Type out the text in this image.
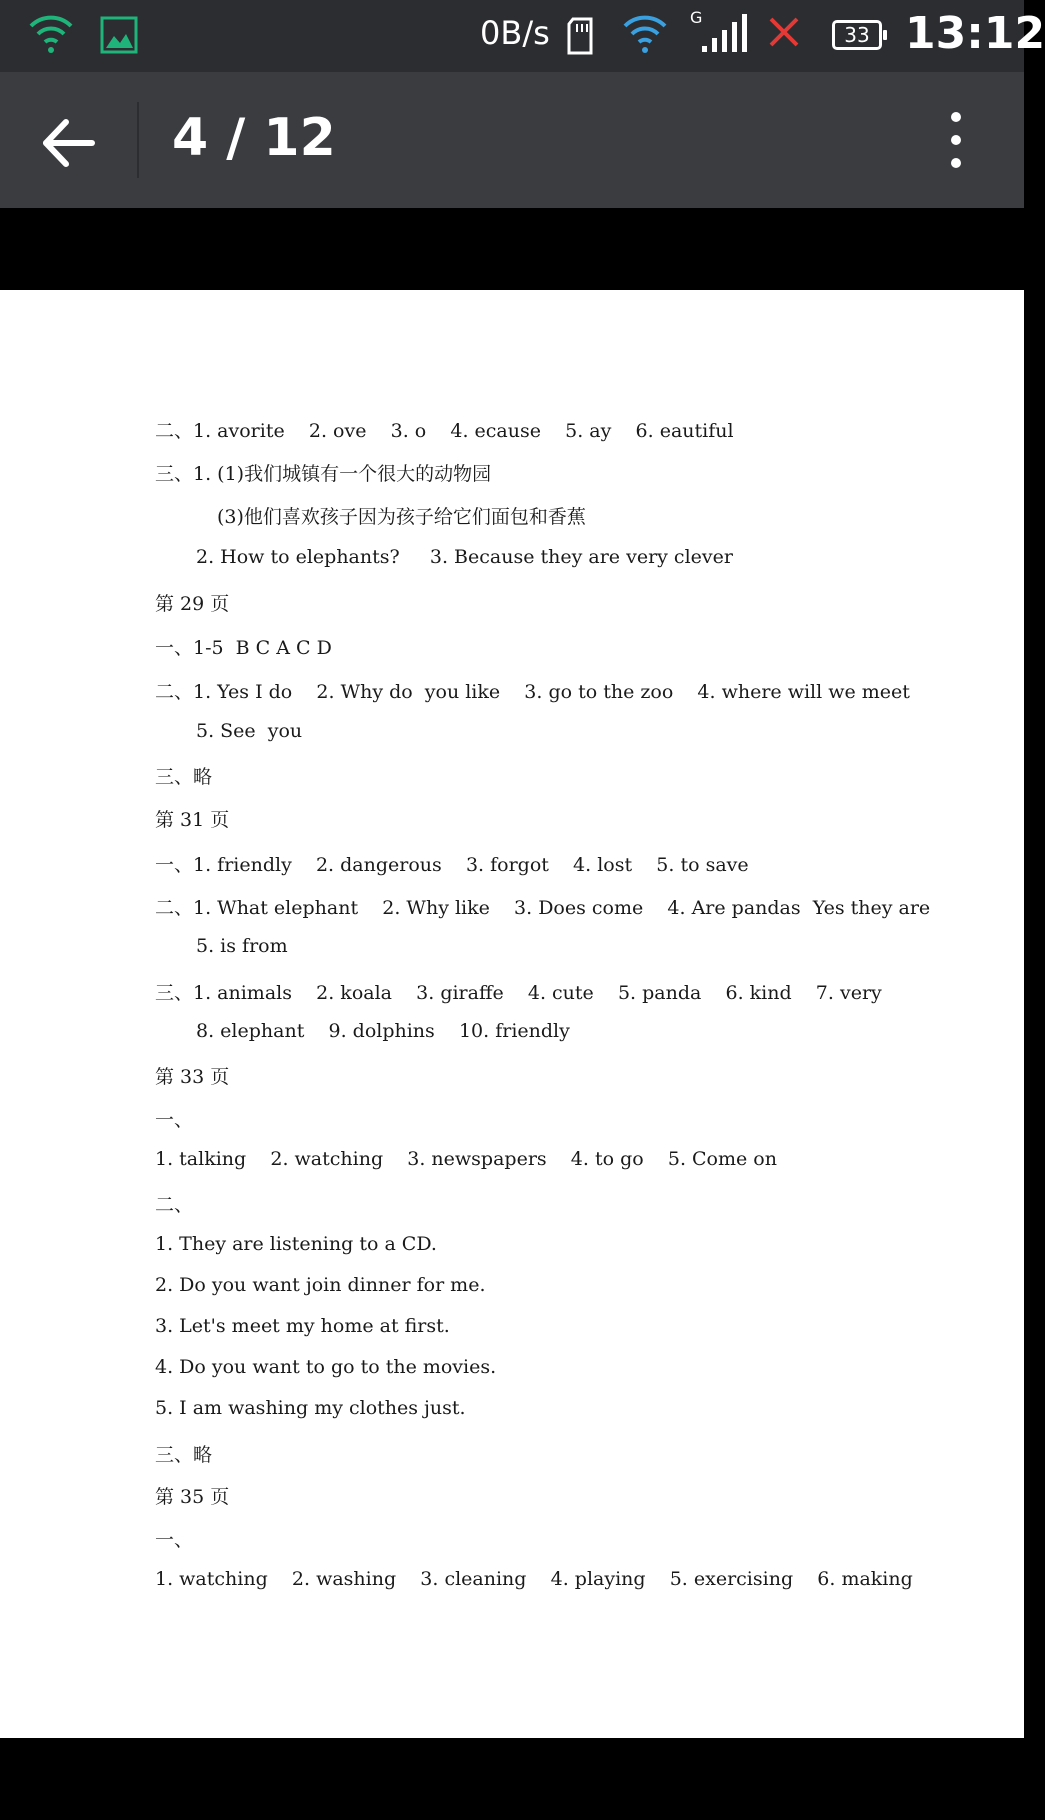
0B/s	G
33 13:12
4 / 12
二、1. avorite    2. ove    3. o    4. ecause    5. ay    6. eautiful
三、1. (1)我们城镇有一个很大的动物园
(3)他们喜欢孩子因为孩子给它们面包和香蕉
2. How to elephants?     3. Because they are very clever
第 29 页
一、1-5  B C A C D
二、1. Yes I do    2. Why do  you like    3. go to the zoo    4. where will we meet
5. See  you
三、略
第 31 页
一、1. friendly    2. dangerous    3. forgot    4. lost    5. to save
二、1. What elephant    2. Why like    3. Does come    4. Are pandas  Yes they are
5. is from
三、1. animals    2. koala    3. giraffe    4. cute    5. panda    6. kind    7. very
8. elephant    9. dolphins    10. friendly
第 33 页
一、
1. talking    2. watching    3. newspapers    4. to go    5. Come on
二、
1. They are listening to a CD.
2. Do you want join dinner for me.
3. Let's meet my home at first.
4. Do you want to go to the movies.
5. I am washing my clothes just.
三、略
第 35 页
一、
1. watching    2. washing    3. cleaning    4. playing    5. exercising    6. making
